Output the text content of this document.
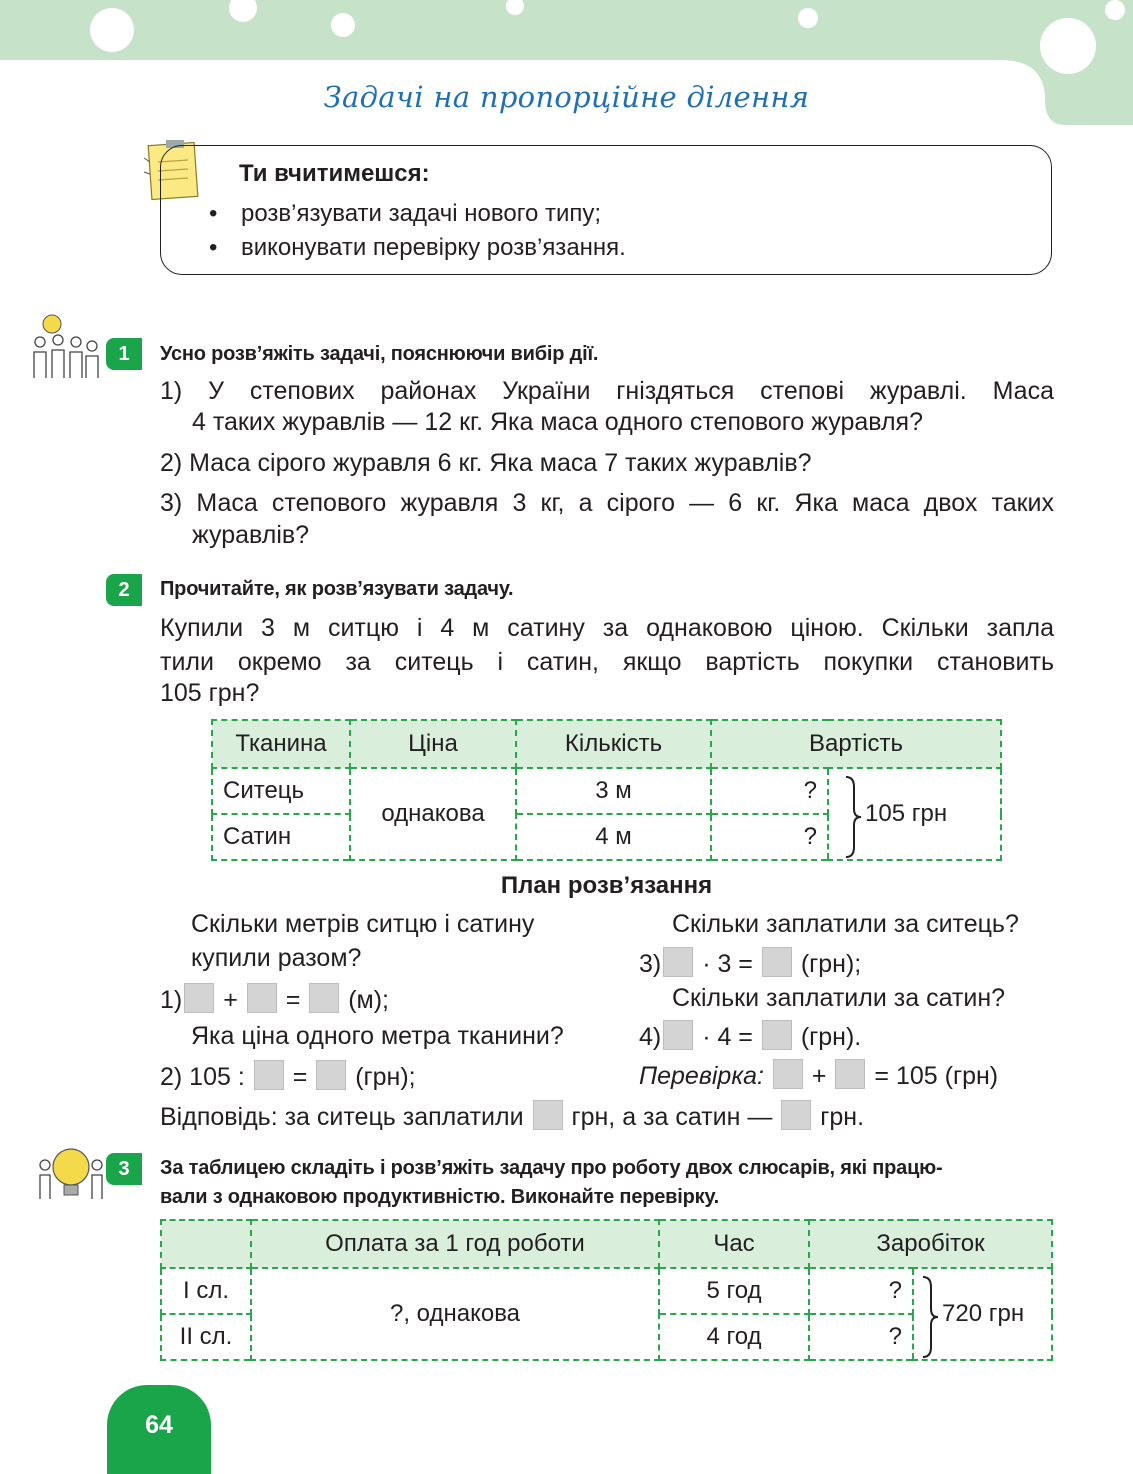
Задачі на пропорційне ділення
Ти вчитимешся:
• розв’язувати задачі нового типу;
• виконувати перевірку розв’язання.
1	Усно розв’яжіть задачі, пояснюючи вибір дії.
1) У степових районах України гніздяться степові журавлі. Маса
4 таких журавлів — 12 кг. Яка маса одного степового журавля?
2) Маса сірого журавля 6 кг. Яка маса 7 таких журавлів?
3) Маса степового журавля 3 кг, а сірого — 6 кг. Яка маса двох таких
журавлів?
2	Прочитайте, як розв’язувати задачу.
Купили 3 м ситцю і 4 м сатину за однаковою ціною. Скільки запла
тили окремо за ситець і сатин, якщо вартість покупки становить
105 грн?
Тканина	Ціна	Кількість	Вартість	
Ситець	однакова	3 м	?	105 грн
Сатин		4 м	?	
План розв’язання
Скільки метрів ситцю і сатину
купили разом?
1) + = (м);
Яка ціна одного метра тканини?
2) 105 : = (грн);
Скільки заплатили за ситець?
3) · 3 = (грн);
Скільки заплатили за сатин?
4) · 4 = (грн).
Перевірка: + = 105 (грн)
Відповідь: за ситець заплатили грн, а за сатин — грн.
3	За таблицею складіть і розв’яжіть задачу про роботу двох слюсарів, які працю-
вали з однаковою продуктивністю. Виконайте перевірку.
	Оплата за 1 год роботи	Час	Заробіток	
I сл.	?, однакова	5 год	?	720 грн
II сл.		4 год	?	
64
